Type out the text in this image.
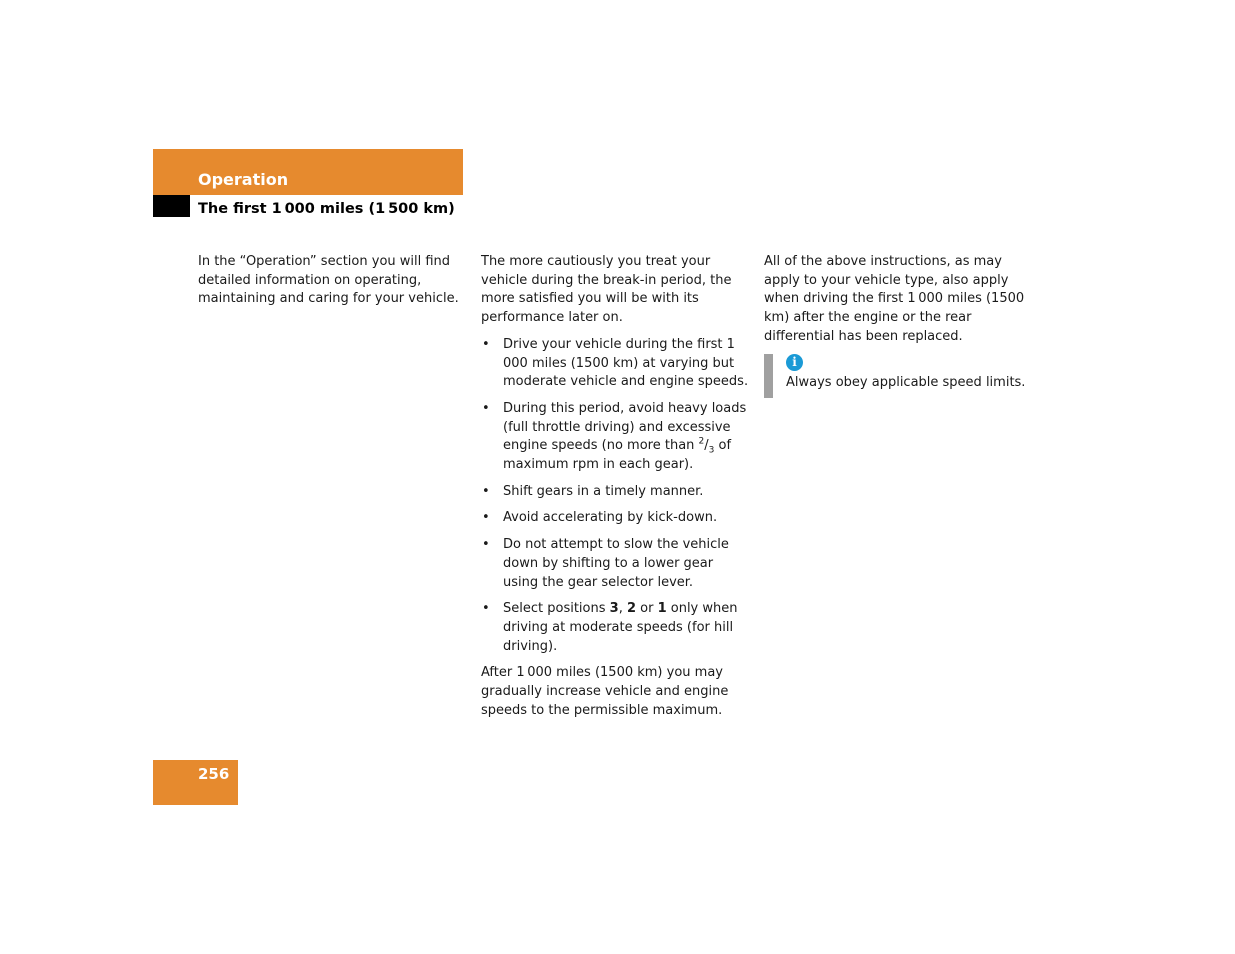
Operation
The first 1 000 miles (1 500 km)

In the “Operation” section you will find detailed information on operating, maintaining and caring for your vehicle.

The more cautiously you treat your vehicle during the break-in period, the more satisfied you will be with its performance later on.

• Drive your vehicle during the first 1 000 miles (1500 km) at varying but moderate vehicle and engine speeds.
• During this period, avoid heavy loads (full throttle driving) and excessive engine speeds (no more than $^2/_3$ of maximum rpm in each gear).
• Shift gears in a timely manner.
• Avoid accelerating by kick-down.
• Do not attempt to slow the vehicle down by shifting to a lower gear using the gear selector lever.
• Select positions 3, 2 or 1 only when driving at moderate speeds (for hill driving).

After 1 000 miles (1500 km) you may gradually increase vehicle and engine speeds to the permissible maximum.

All of the above instructions, as may apply to your vehicle type, also apply when driving the first 1 000 miles (1500 km) after the engine or the rear differential has been replaced.

i
Always obey applicable speed limits.
256
